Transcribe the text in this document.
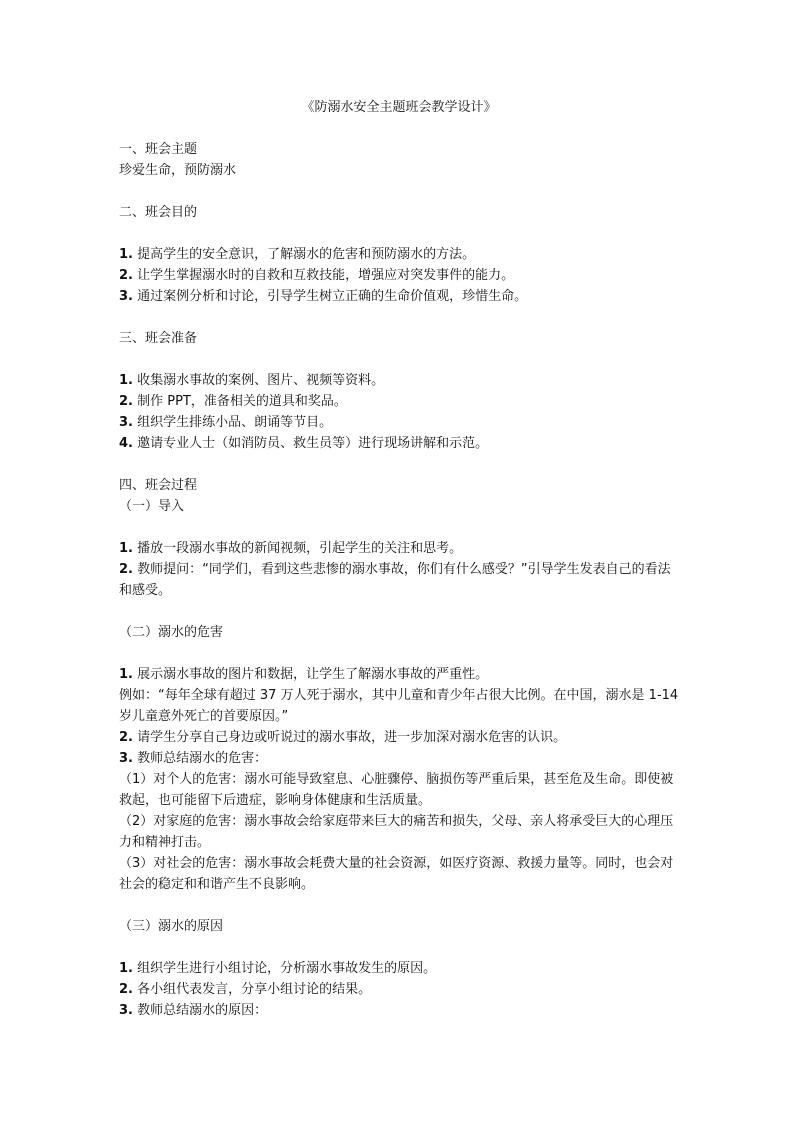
《防溺水安全主题班会教学设计》
一、班会主题
珍爱生命，预防溺水
二、班会目的
1. 提高学生的安全意识，了解溺水的危害和预防溺水的方法。
2. 让学生掌握溺水时的自救和互救技能，增强应对突发事件的能力。
3. 通过案例分析和讨论，引导学生树立正确的生命价值观，珍惜生命。
三、班会准备
1. 收集溺水事故的案例、图片、视频等资料。
2. 制作 PPT，准备相关的道具和奖品。
3. 组织学生排练小品、朗诵等节目。
4. 邀请专业人士（如消防员、救生员等）进行现场讲解和示范。
四、班会过程
（一）导入
1. 播放一段溺水事故的新闻视频，引起学生的关注和思考。
2. 教师提问：“同学们，看到这些悲惨的溺水事故，你们有什么感受？”引导学生发表自己的看法和感受。
（二）溺水的危害
1. 展示溺水事故的图片和数据，让学生了解溺水事故的严重性。
例如：“每年全球有超过 37 万人死于溺水，其中儿童和青少年占很大比例。在中国，溺水是 1-14 岁儿童意外死亡的首要原因。”
2. 请学生分享自己身边或听说过的溺水事故，进一步加深对溺水危害的认识。
3. 教师总结溺水的危害：
（1）对个人的危害：溺水可能导致窒息、心脏骤停、脑损伤等严重后果，甚至危及生命。即使被救起，也可能留下后遗症，影响身体健康和生活质量。
（2）对家庭的危害：溺水事故会给家庭带来巨大的痛苦和损失，父母、亲人将承受巨大的心理压力和精神打击。
（3）对社会的危害：溺水事故会耗费大量的社会资源，如医疗资源、救援力量等。同时，也会对社会的稳定和和谐产生不良影响。
（三）溺水的原因
1. 组织学生进行小组讨论，分析溺水事故发生的原因。
2. 各小组代表发言，分享小组讨论的结果。
3. 教师总结溺水的原因：
